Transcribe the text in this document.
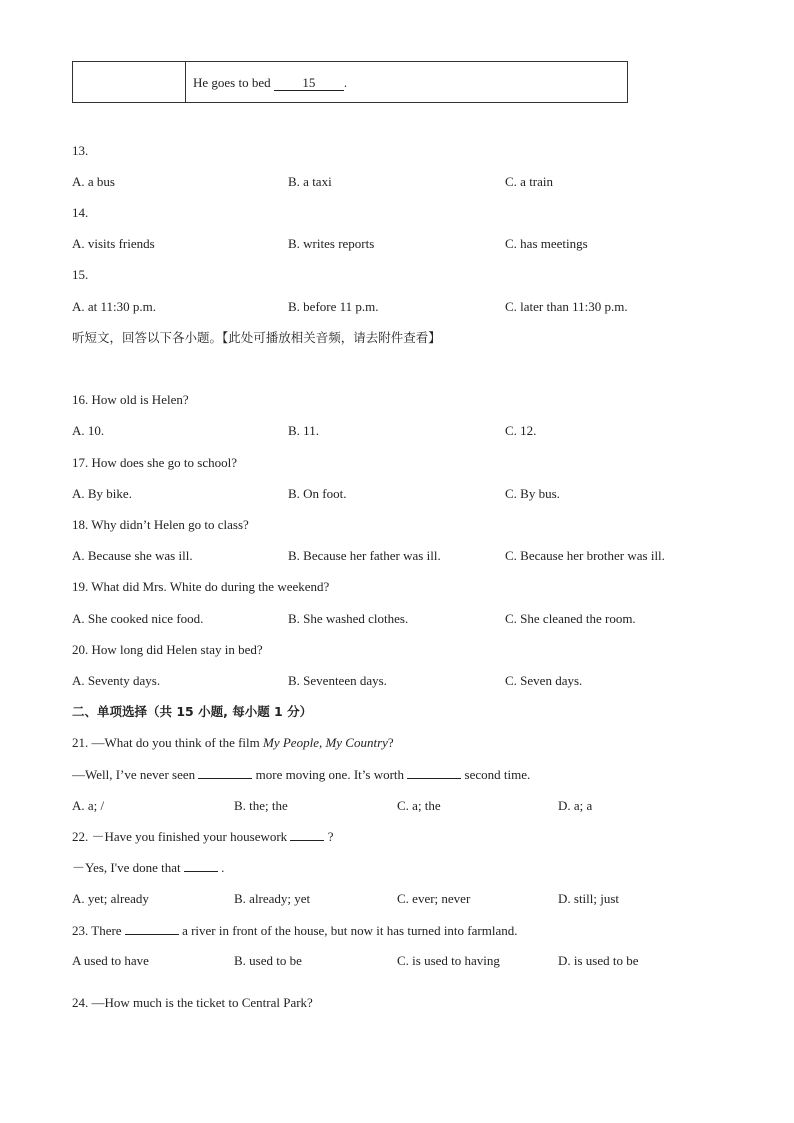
He goes to bed 15 .
13.
A. a bus	B. a taxi	C. a train
14.
A. visits friends	B. writes reports	C. has meetings
15.
A. at 11:30 p.m.	B. before 11 p.m.	C. later than 11:30 p.m.
听短文，回答以下各小题。【此处可播放相关音频，请去附件查看】
16. How old is Helen?
A. 10.	B. 11.	C. 12.
17. How does she go to school?
A. By bike.	B. On foot.	C. By bus.
18. Why didn’t Helen go to class?
A. Because she was ill.	B. Because her father was ill.	C. Because her brother was ill.
19. What did Mrs. White do during the weekend?
A. She cooked nice food.	B. She washed clothes.	C. She cleaned the room.
20. How long did Helen stay in bed?
A. Seventy days.	B. Seventeen days.	C. Seven days.
二、单项选择（共 15 小题, 每小题 1 分）
21. —What do you think of the film My People, My Country?
—Well, I’ve never seen	more moving one. It’s worth	second time.
A. a; /	B. the; the	C. a; the	D. a; a
22. －Have you finished your housework	?
－Yes, I've done that	.
A. yet; already	B. already; yet	C. ever; never	D. still; just
23. There	a river in front of the house, but now it has turned into farmland.
A used to have	B. used to be	C. is used to having	D. is used to be
24. —How much is the ticket to Central Park?
